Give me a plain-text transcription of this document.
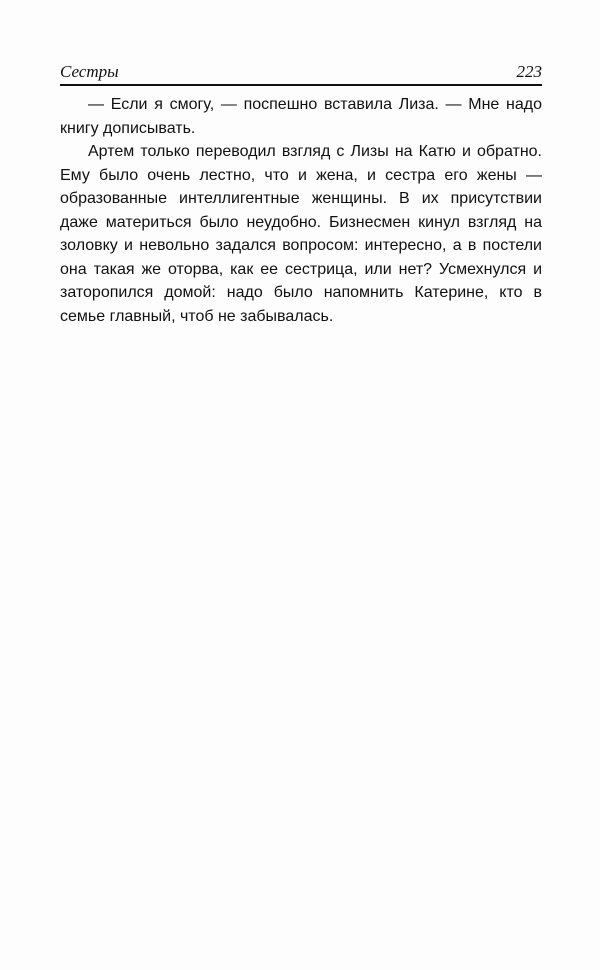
Сестры	223

— Если я смогу, — поспешно вставила Лиза. — Мне надо книгу дописывать.

Артем только переводил взгляд с Лизы на Катю и обратно. Ему было очень лестно, что и жена, и сестра его жены — образованные интеллигентные женщины. В их присутствии даже материться было неудобно. Бизнесмен кинул взгляд на золовку и невольно задался вопросом: интересно, а в постели она такая же оторва, как ее сестрица, или нет? Усмехнулся и заторопился домой: надо было напомнить Катерине, кто в семье главный, чтоб не забывалась.
